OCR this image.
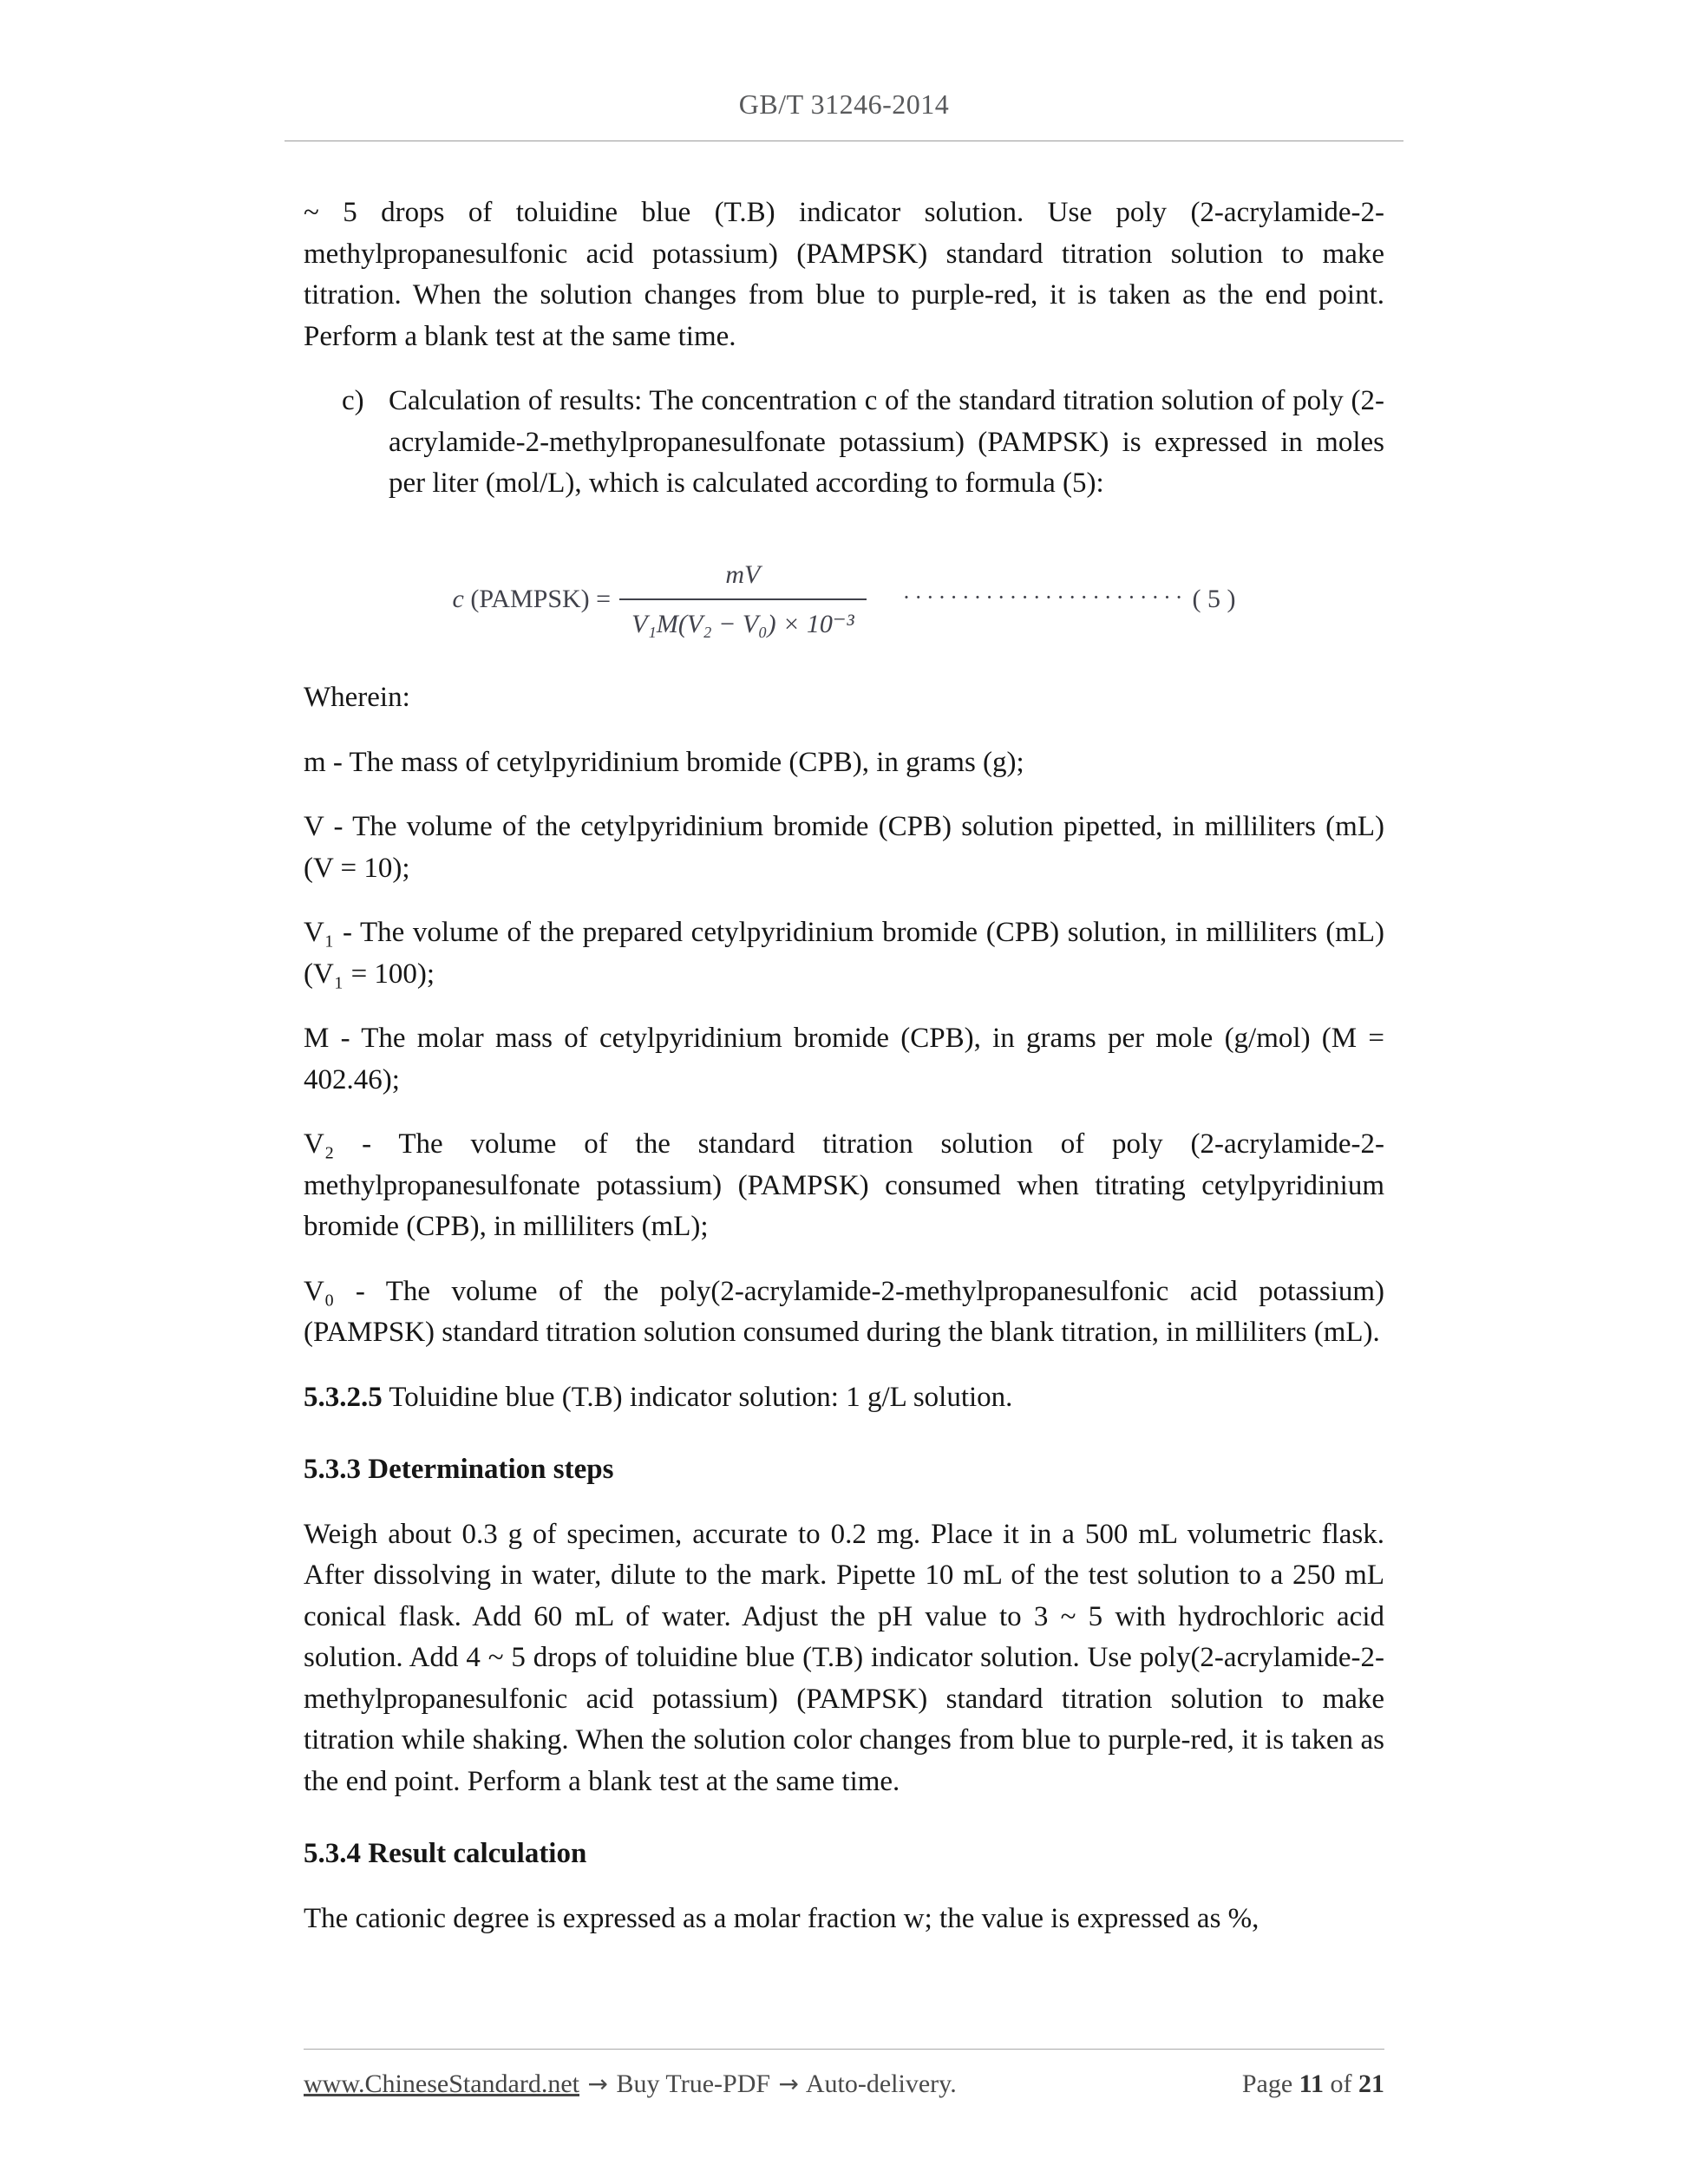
GB/T 31246-2014

~ 5 drops of toluidine blue (T.B) indicator solution. Use poly (2-acrylamide-2-methylpropanesulfonic acid potassium) (PAMPSK) standard titration solution to make titration. When the solution changes from blue to purple-red, it is taken as the end point. Perform a blank test at the same time.

c) Calculation of results: The concentration c of the standard titration solution of poly (2-acrylamide-2-methylpropanesulfonate potassium) (PAMPSK) is expressed in moles per liter (mol/L), which is calculated according to formula (5):

c (PAMPSK) = $\frac{mV}{\text{V₁M(V₂ − V₀) × 10⁻³}}$ ························ ( 5 )

Wherein:

m - The mass of cetylpyridinium bromide (CPB), in grams (g);

V - The volume of the cetylpyridinium bromide (CPB) solution pipetted, in milliliters (mL) (V = 10);

V₁ - The volume of the prepared cetylpyridinium bromide (CPB) solution, in milliliters (mL) (V₁ = 100);

M - The molar mass of cetylpyridinium bromide (CPB), in grams per mole (g/mol) (M = 402.46);

V₂ - The volume of the standard titration solution of poly (2-acrylamide-2-methylpropanesulfonate potassium) (PAMPSK) consumed when titrating cetylpyridinium bromide (CPB), in milliliters (mL);

V₀ - The volume of the poly(2-acrylamide-2-methylpropanesulfonic acid potassium) (PAMPSK) standard titration solution consumed during the blank titration, in milliliters (mL).

5.3.2.5 Toluidine blue (T.B) indicator solution: 1 g/L solution.

5.3.3 Determination steps

Weigh about 0.3 g of specimen, accurate to 0.2 mg. Place it in a 500 mL volumetric flask. After dissolving in water, dilute to the mark. Pipette 10 mL of the test solution to a 250 mL conical flask. Add 60 mL of water. Adjust the pH value to 3 ~ 5 with hydrochloric acid solution. Add 4 ~ 5 drops of toluidine blue (T.B) indicator solution. Use poly(2-acrylamide-2-methylpropanesulfonic acid potassium) (PAMPSK) standard titration solution to make titration while shaking. When the solution color changes from blue to purple-red, it is taken as the end point. Perform a blank test at the same time.

5.3.4 Result calculation

The cationic degree is expressed as a molar fraction w; the value is expressed as %,

www.ChineseStandard.net → Buy True-PDF → Auto-delivery.	Page 11 of 21
